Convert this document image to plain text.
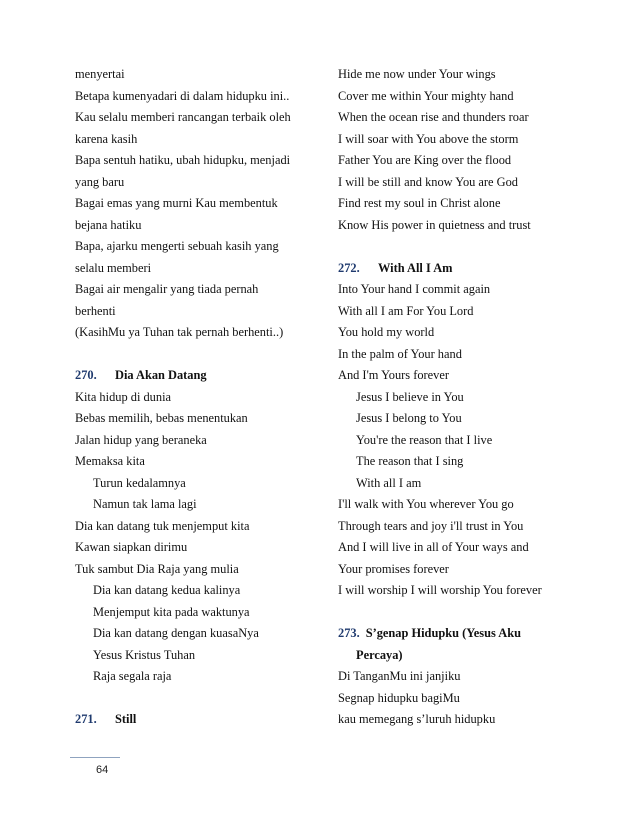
menyertai
Betapa kumenyadari di dalam hidupku ini..
Kau selalu memberi rancangan terbaik oleh
karena kasih
Bapa sentuh hatiku, ubah hidupku, menjadi
yang baru
Bagai emas yang murni Kau membentuk
bejana hatiku
Bapa, ajarku mengerti sebuah kasih yang
selalu memberi
Bagai air mengalir yang tiada pernah
berhenti
(KasihMu ya Tuhan tak pernah berhenti..)
270. Dia Akan Datang
Kita hidup di dunia
Bebas memilih, bebas menentukan
Jalan hidup yang beraneka
Memaksa kita
Turun kedalamnya
Namun tak lama lagi
Dia kan datang tuk menjemput kita
Kawan siapkan dirimu
Tuk sambut Dia Raja yang mulia
Dia kan datang kedua kalinya
Menjemput kita pada waktunya
Dia kan datang dengan kuasaNya
Yesus Kristus Tuhan
Raja segala raja
271. Still
Hide me now under Your wings
Cover me within Your mighty hand
When the ocean rise and thunders roar
I will soar with You above the storm
Father You are King over the flood
I will be still and know You are God
Find rest my soul in Christ alone
Know His power in quietness and trust
272. With All I Am
Into Your hand I commit again
With all I am For You Lord
You hold my world
In the palm of Your hand
And I'm Yours forever
Jesus I believe in You
Jesus I belong to You
You're the reason that I live
The reason that I sing
With all I am
I'll walk with You wherever You go
Through tears and joy i'll trust in You
And I will live in all of Your ways and
Your promises forever
I will worship I will worship You forever
273. S’genap Hidupku (Yesus Aku
Percaya)
Di TanganMu ini janjiku
Segnap hidupku bagiMu
kau memegang s’luruh hidupku
64
